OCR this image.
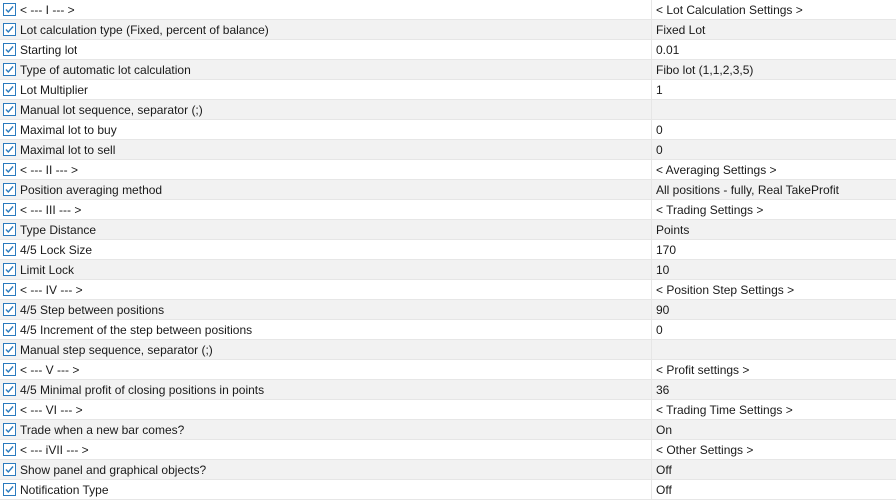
< --- I --- >	< Lot Calculation Settings >
Lot calculation type (Fixed, percent of balance)	Fixed Lot
Starting lot	0.01
Type of automatic lot calculation	Fibo lot (1,1,2,3,5)
Lot Multiplier	1
Manual lot sequence, separator (;)
Maximal lot to buy	0
Maximal lot to sell	0
< --- II --- >	< Averaging Settings >
Position averaging method	All positions - fully, Real TakeProfit
< --- III --- >	< Trading Settings >
Type Distance	Points
4/5 Lock Size	170
Limit Lock	10
< --- IV --- >	< Position Step Settings >
4/5 Step between positions	90
4/5 Increment of the step between positions	0
Manual step sequence, separator (;)
< --- V --- >	< Profit settings >
4/5 Minimal profit of closing positions in points	36
< --- VI --- >	< Trading Time Settings >
Trade when a new bar comes?	On
< --- iVII --- >	< Other Settings >
Show panel and graphical objects?	Off
Notification Type	Off
